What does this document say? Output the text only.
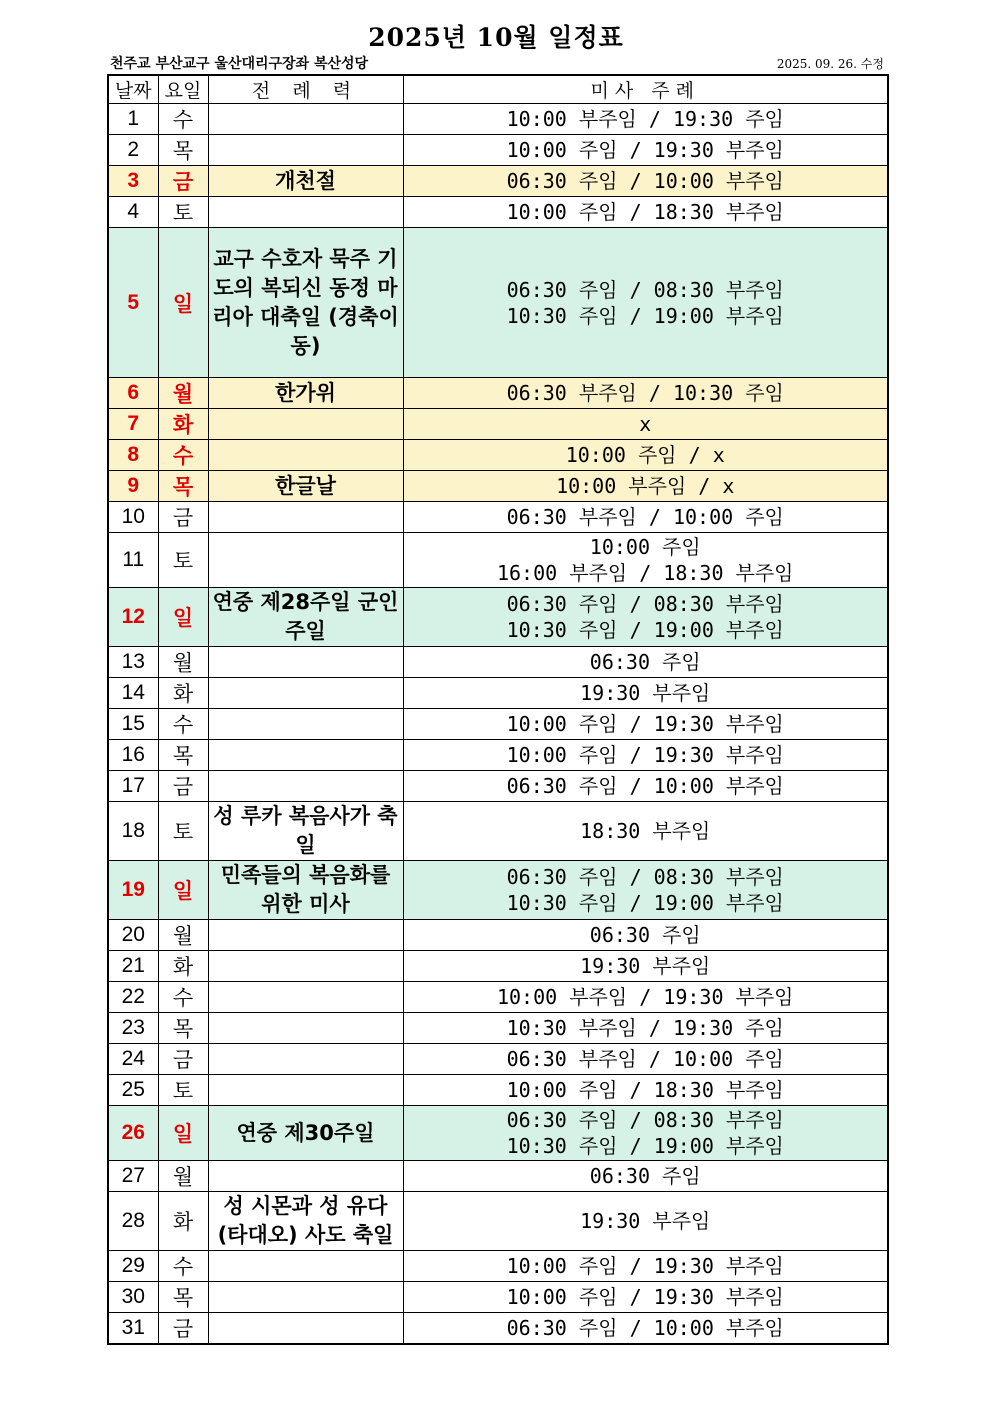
2025년 10월 일정표
천주교 부산교구 울산대리구장좌 복산성당	2025. 09. 26. 수정
날짜	요일	전 례 력	미사 주례
1	수		10:00 부주임 / 19:30 주임
2	목		10:00 주임 / 19:30 부주임
3	금	개천절	06:30 주임 / 10:00 부주임
4	토		10:00 주임 / 18:30 부주임
5	일	교구 수호자 묵주 기도의 복되신 동정 마리아 대축일 (경축이동)	06:30 주임 / 08:30 부주임
10:30 주임 / 19:00 부주임
6	월	한가위	06:30 부주임 / 10:30 주임
7	화		x
8	수		10:00 주임 / x
9	목	한글날	10:00 부주임 / x
10	금		06:30 부주임 / 10:00 주임
11	토		10:00 주임
16:00 부주임 / 18:30 부주임
12	일	연중 제28주일 군인 주일	06:30 주임 / 08:30 부주임
10:30 주임 / 19:00 부주임
13	월		06:30 주임
14	화		19:30 부주임
15	수		10:00 주임 / 19:30 부주임
16	목		10:00 주임 / 19:30 부주임
17	금		06:30 주임 / 10:00 부주임
18	토	성 루카 복음사가 축일	18:30 부주임
19	일	민족들의 복음화를 위한 미사	06:30 주임 / 08:30 부주임
10:30 주임 / 19:00 부주임
20	월		06:30 주임
21	화		19:30 부주임
22	수		10:00 부주임 / 19:30 부주임
23	목		10:30 부주임 / 19:30 주임
24	금		06:30 부주임 / 10:00 주임
25	토		10:00 주임 / 18:30 부주임
26	일	연중 제30주일	06:30 주임 / 08:30 부주임
10:30 주임 / 19:00 부주임
27	월		06:30 주임
28	화	성 시몬과 성 유다 (타대오) 사도 축일	19:30 부주임
29	수		10:00 주임 / 19:30 부주임
30	목		10:00 주임 / 19:30 부주임
31	금		06:30 주임 / 10:00 부주임
